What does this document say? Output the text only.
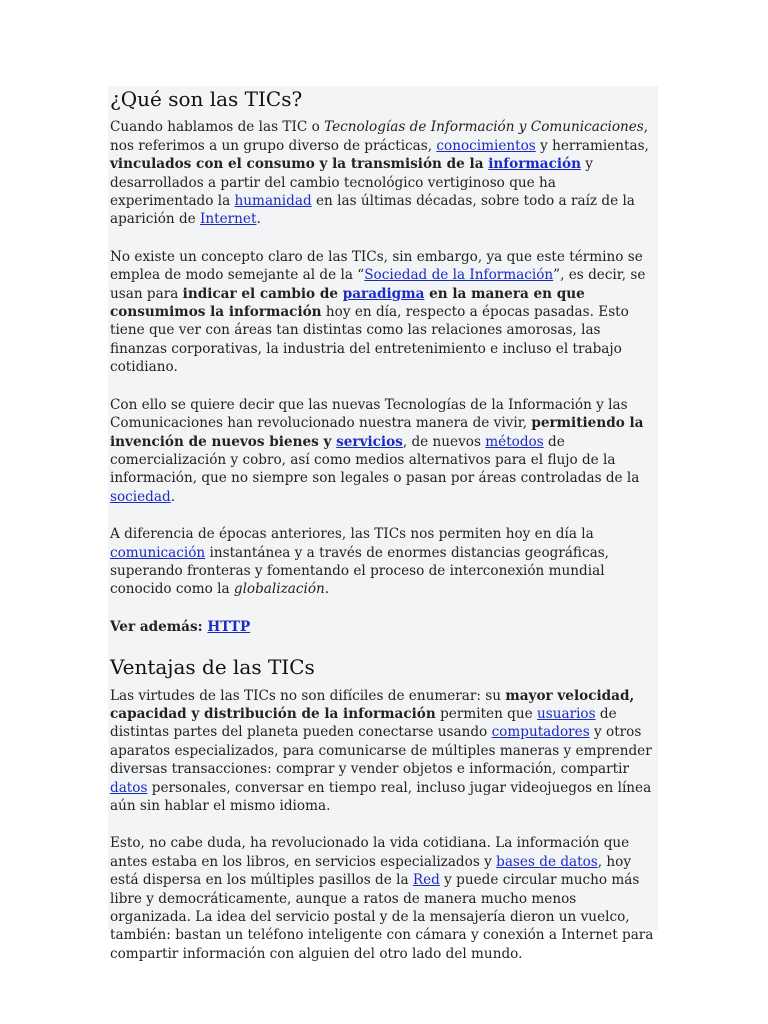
¿Qué son las TICs?

Cuando hablamos de las TIC o Tecnologías de Información y Comunicaciones, nos referimos a un grupo diverso de prácticas, conocimientos y herramientas, vinculados con el consumo y la transmisión de la información y desarrollados a partir del cambio tecnológico vertiginoso que ha experimentado la humanidad en las últimas décadas, sobre todo a raíz de la aparición de Internet.

No existe un concepto claro de las TICs, sin embargo, ya que este término se emplea de modo semejante al de la “Sociedad de la Información”, es decir, se usan para indicar el cambio de paradigma en la manera en que consumimos la información hoy en día, respecto a épocas pasadas. Esto tiene que ver con áreas tan distintas como las relaciones amorosas, las finanzas corporativas, la industria del entretenimiento e incluso el trabajo cotidiano.

Con ello se quiere decir que las nuevas Tecnologías de la Información y las Comunicaciones han revolucionado nuestra manera de vivir, permitiendo la invención de nuevos bienes y servicios, de nuevos métodos de comercialización y cobro, así como medios alternativos para el flujo de la información, que no siempre son legales o pasan por áreas controladas de la sociedad.

A diferencia de épocas anteriores, las TICs nos permiten hoy en día la comunicación instantánea y a través de enormes distancias geográficas, superando fronteras y fomentando el proceso de interconexión mundial conocido como la globalización.

Ver además: HTTP

Ventajas de las TICs

Las virtudes de las TICs no son difíciles de enumerar: su mayor velocidad, capacidad y distribución de la información permiten que usuarios de distintas partes del planeta pueden conectarse usando computadores y otros aparatos especializados, para comunicarse de múltiples maneras y emprender diversas transacciones: comprar y vender objetos e información, compartir datos personales, conversar en tiempo real, incluso jugar videojuegos en línea aún sin hablar el mismo idioma.

Esto, no cabe duda, ha revolucionado la vida cotidiana. La información que antes estaba en los libros, en servicios especializados y bases de datos, hoy está dispersa en los múltiples pasillos de la Red y puede circular mucho más libre y democráticamente, aunque a ratos de manera mucho menos organizada. La idea del servicio postal y de la mensajería dieron un vuelco, también: bastan un teléfono inteligente con cámara y conexión a Internet para compartir información con alguien del otro lado del mundo.
